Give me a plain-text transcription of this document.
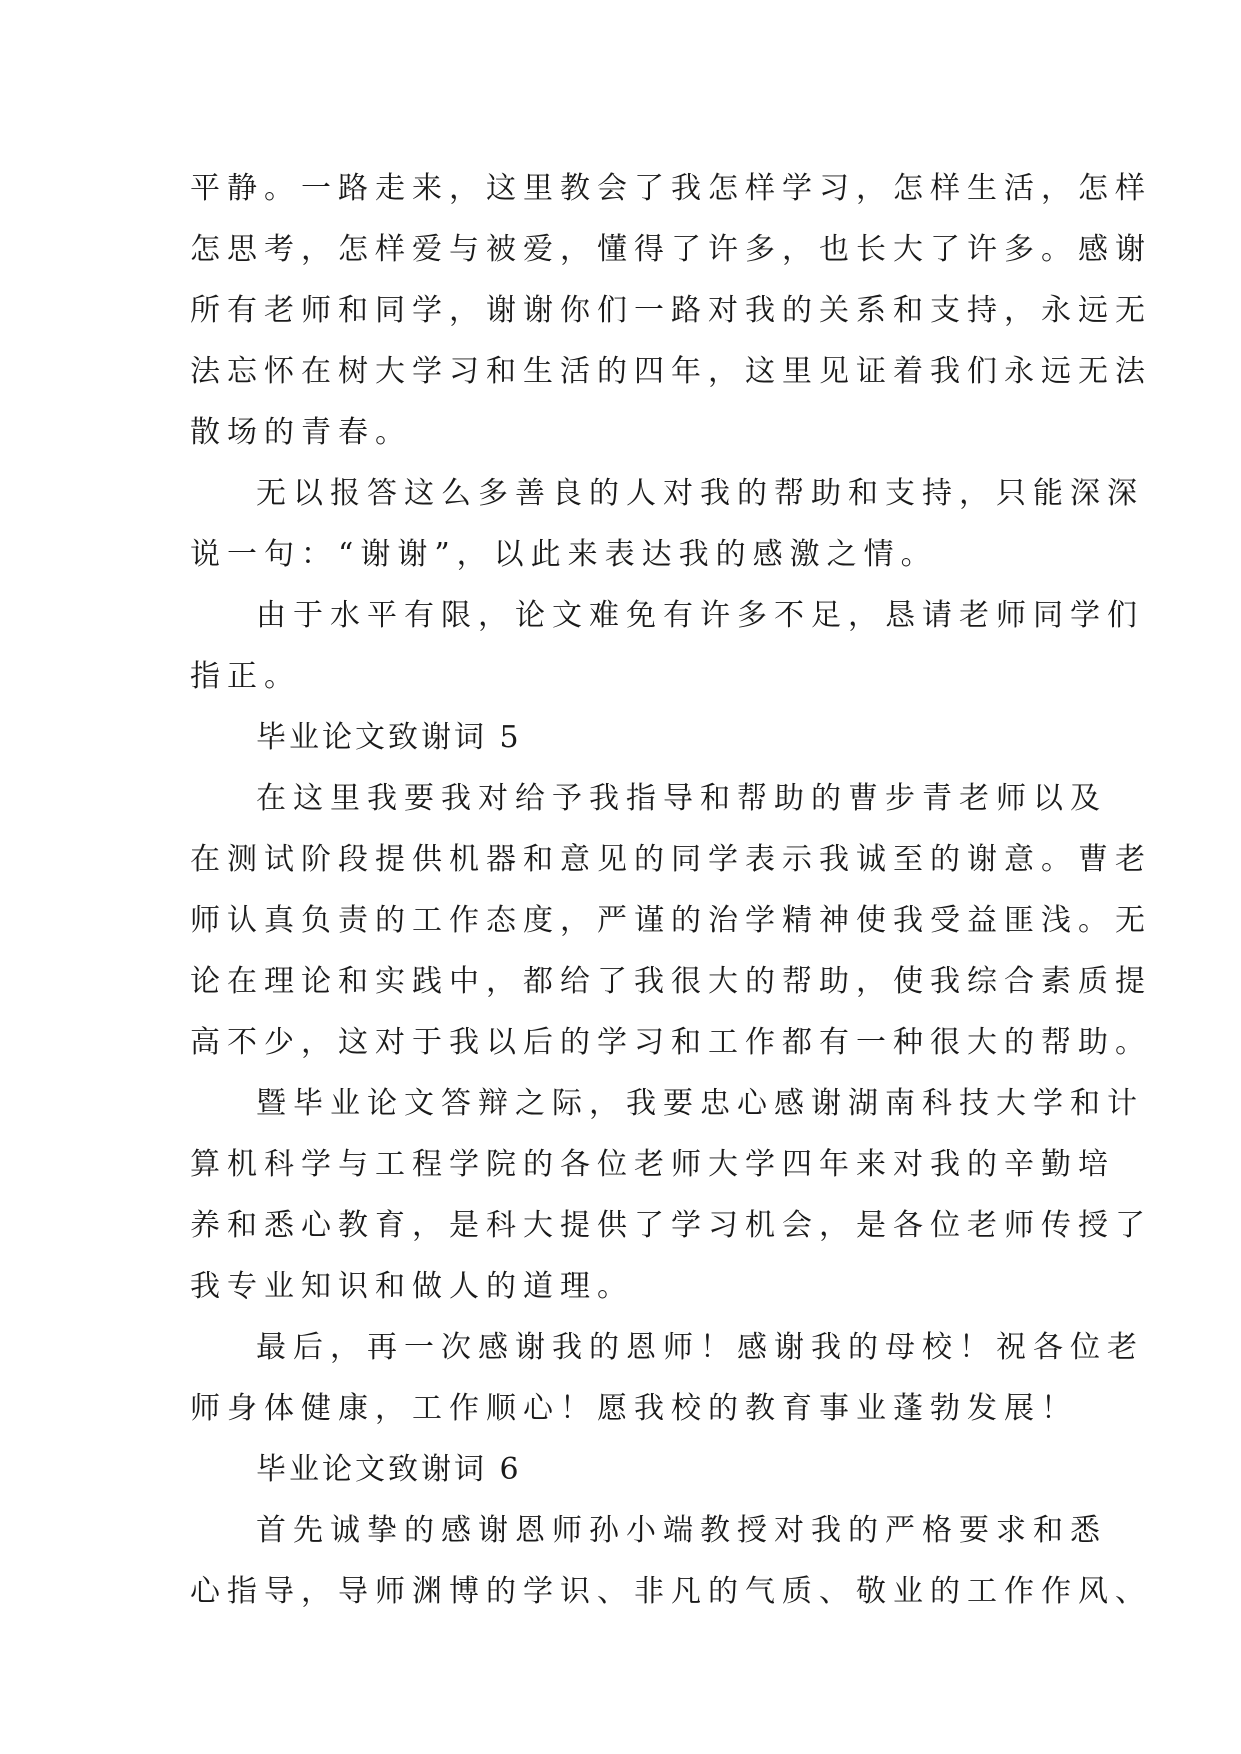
平静。一路走来，这里教会了我怎样学习，怎样生活，怎样
怎思考，怎样爱与被爱，懂得了许多，也长大了许多。感谢
所有老师和同学，谢谢你们一路对我的关系和支持，永远无
法忘怀在树大学习和生活的四年，这里见证着我们永远无法
散场的青春。
无以报答这么多善良的人对我的帮助和支持，只能深深
说一句：“谢谢”，以此来表达我的感激之情。
由于水平有限，论文难免有许多不足，恳请老师同学们
指正。
毕业论文致谢词 5
在这里我要我对给予我指导和帮助的曹步青老师以及
在测试阶段提供机器和意见的同学表示我诚至的谢意。曹老
师认真负责的工作态度，严谨的治学精神使我受益匪浅。无
论在理论和实践中，都给了我很大的帮助，使我综合素质提
高不少，这对于我以后的学习和工作都有一种很大的帮助。
暨毕业论文答辩之际，我要忠心感谢湖南科技大学和计
算机科学与工程学院的各位老师大学四年来对我的辛勤培
养和悉心教育，是科大提供了学习机会，是各位老师传授了
我专业知识和做人的道理。
最后，再一次感谢我的恩师！感谢我的母校！祝各位老
师身体健康，工作顺心！愿我校的教育事业蓬勃发展！
毕业论文致谢词 6
首先诚挚的感谢恩师孙小端教授对我的严格要求和悉
心指导，导师渊博的学识、非凡的气质、敬业的工作作风、
